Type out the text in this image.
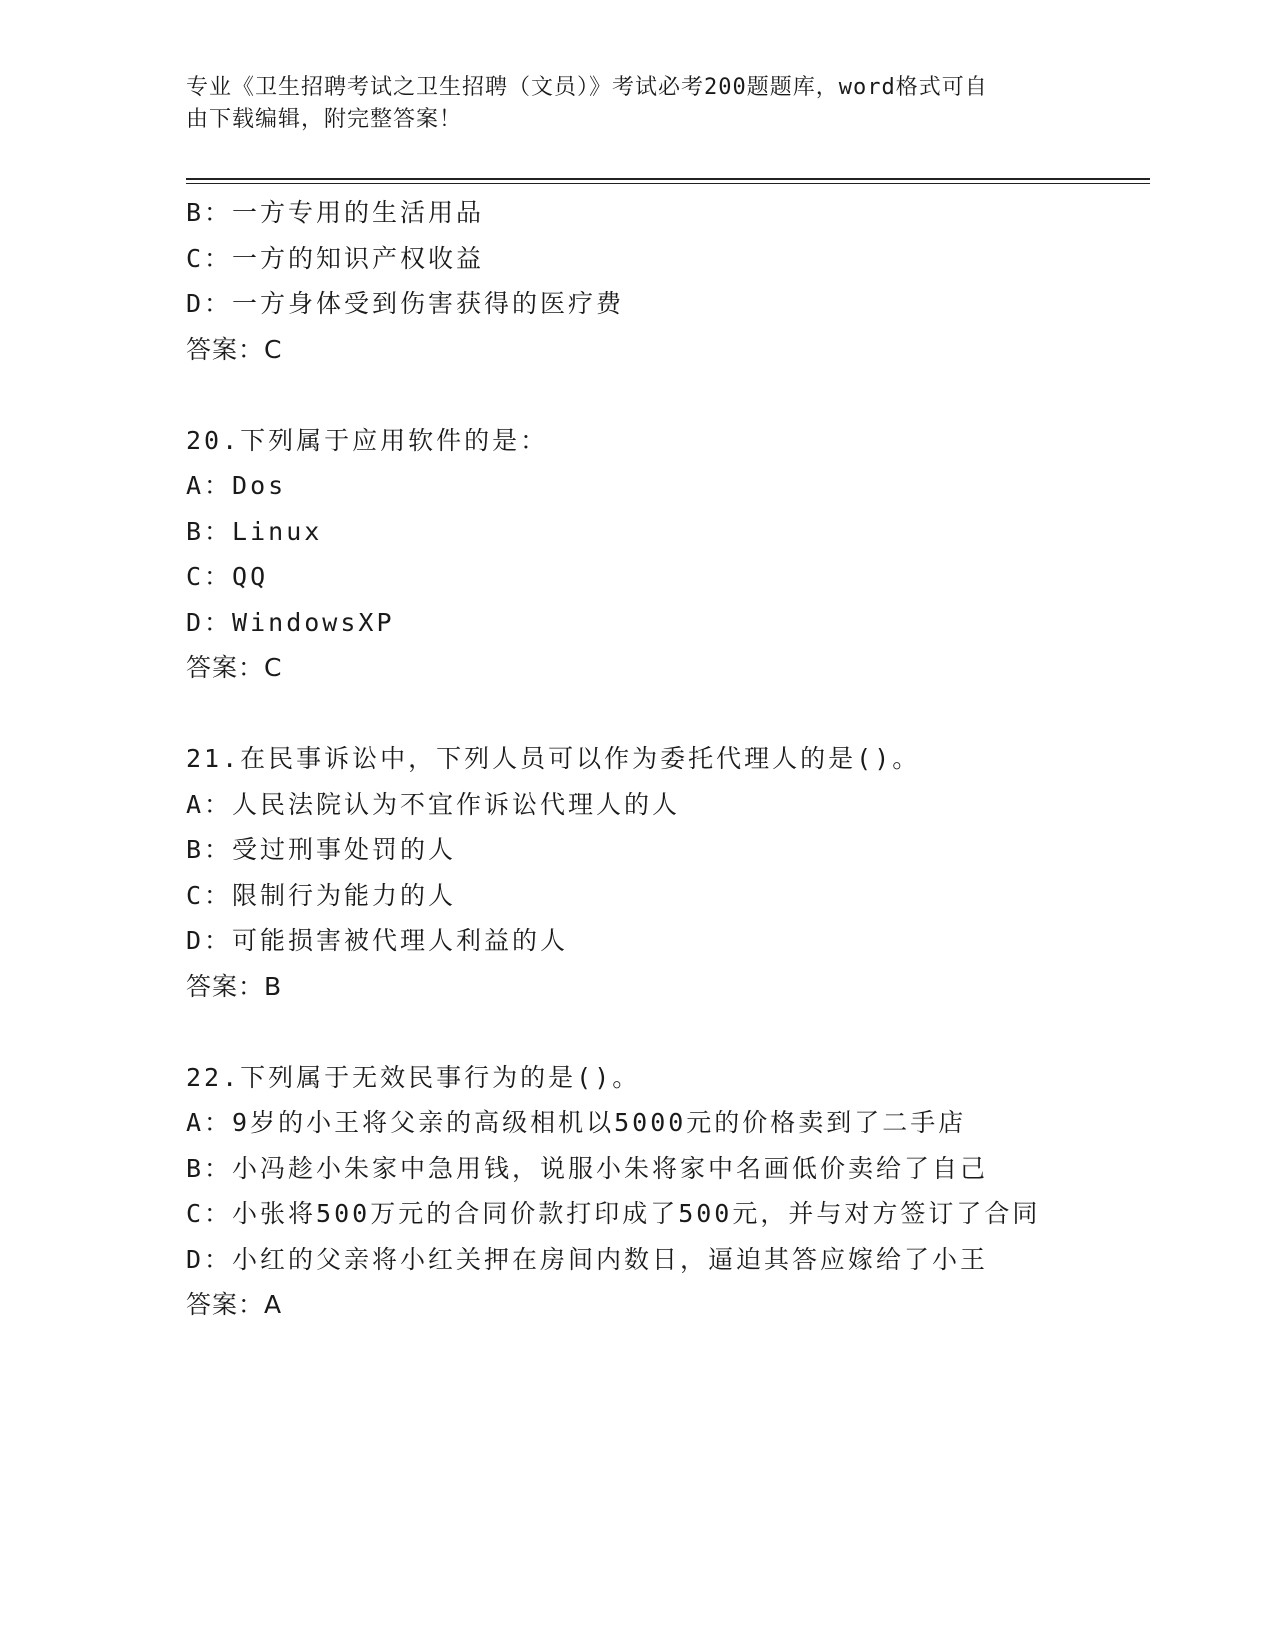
专业《卫生招聘考试之卫生招聘（文员）》考试必考200题题库，word格式可自
由下载编辑，附完整答案！
B：一方专用的生活用品
C：一方的知识产权收益
D：一方身体受到伤害获得的医疗费
答案：C
20.下列属于应用软件的是：
A：Dos
B：Linux
C：QQ
D：WindowsXP
答案：C
21.在民事诉讼中，下列人员可以作为委托代理人的是()。
A：人民法院认为不宜作诉讼代理人的人
B：受过刑事处罚的人
C：限制行为能力的人
D：可能损害被代理人利益的人
答案：B
22.下列属于无效民事行为的是()。
A：9岁的小王将父亲的高级相机以5000元的价格卖到了二手店
B：小冯趁小朱家中急用钱，说服小朱将家中名画低价卖给了自己
C：小张将500万元的合同价款打印成了500元，并与对方签订了合同
D：小红的父亲将小红关押在房间内数日，逼迫其答应嫁给了小王
答案：A
